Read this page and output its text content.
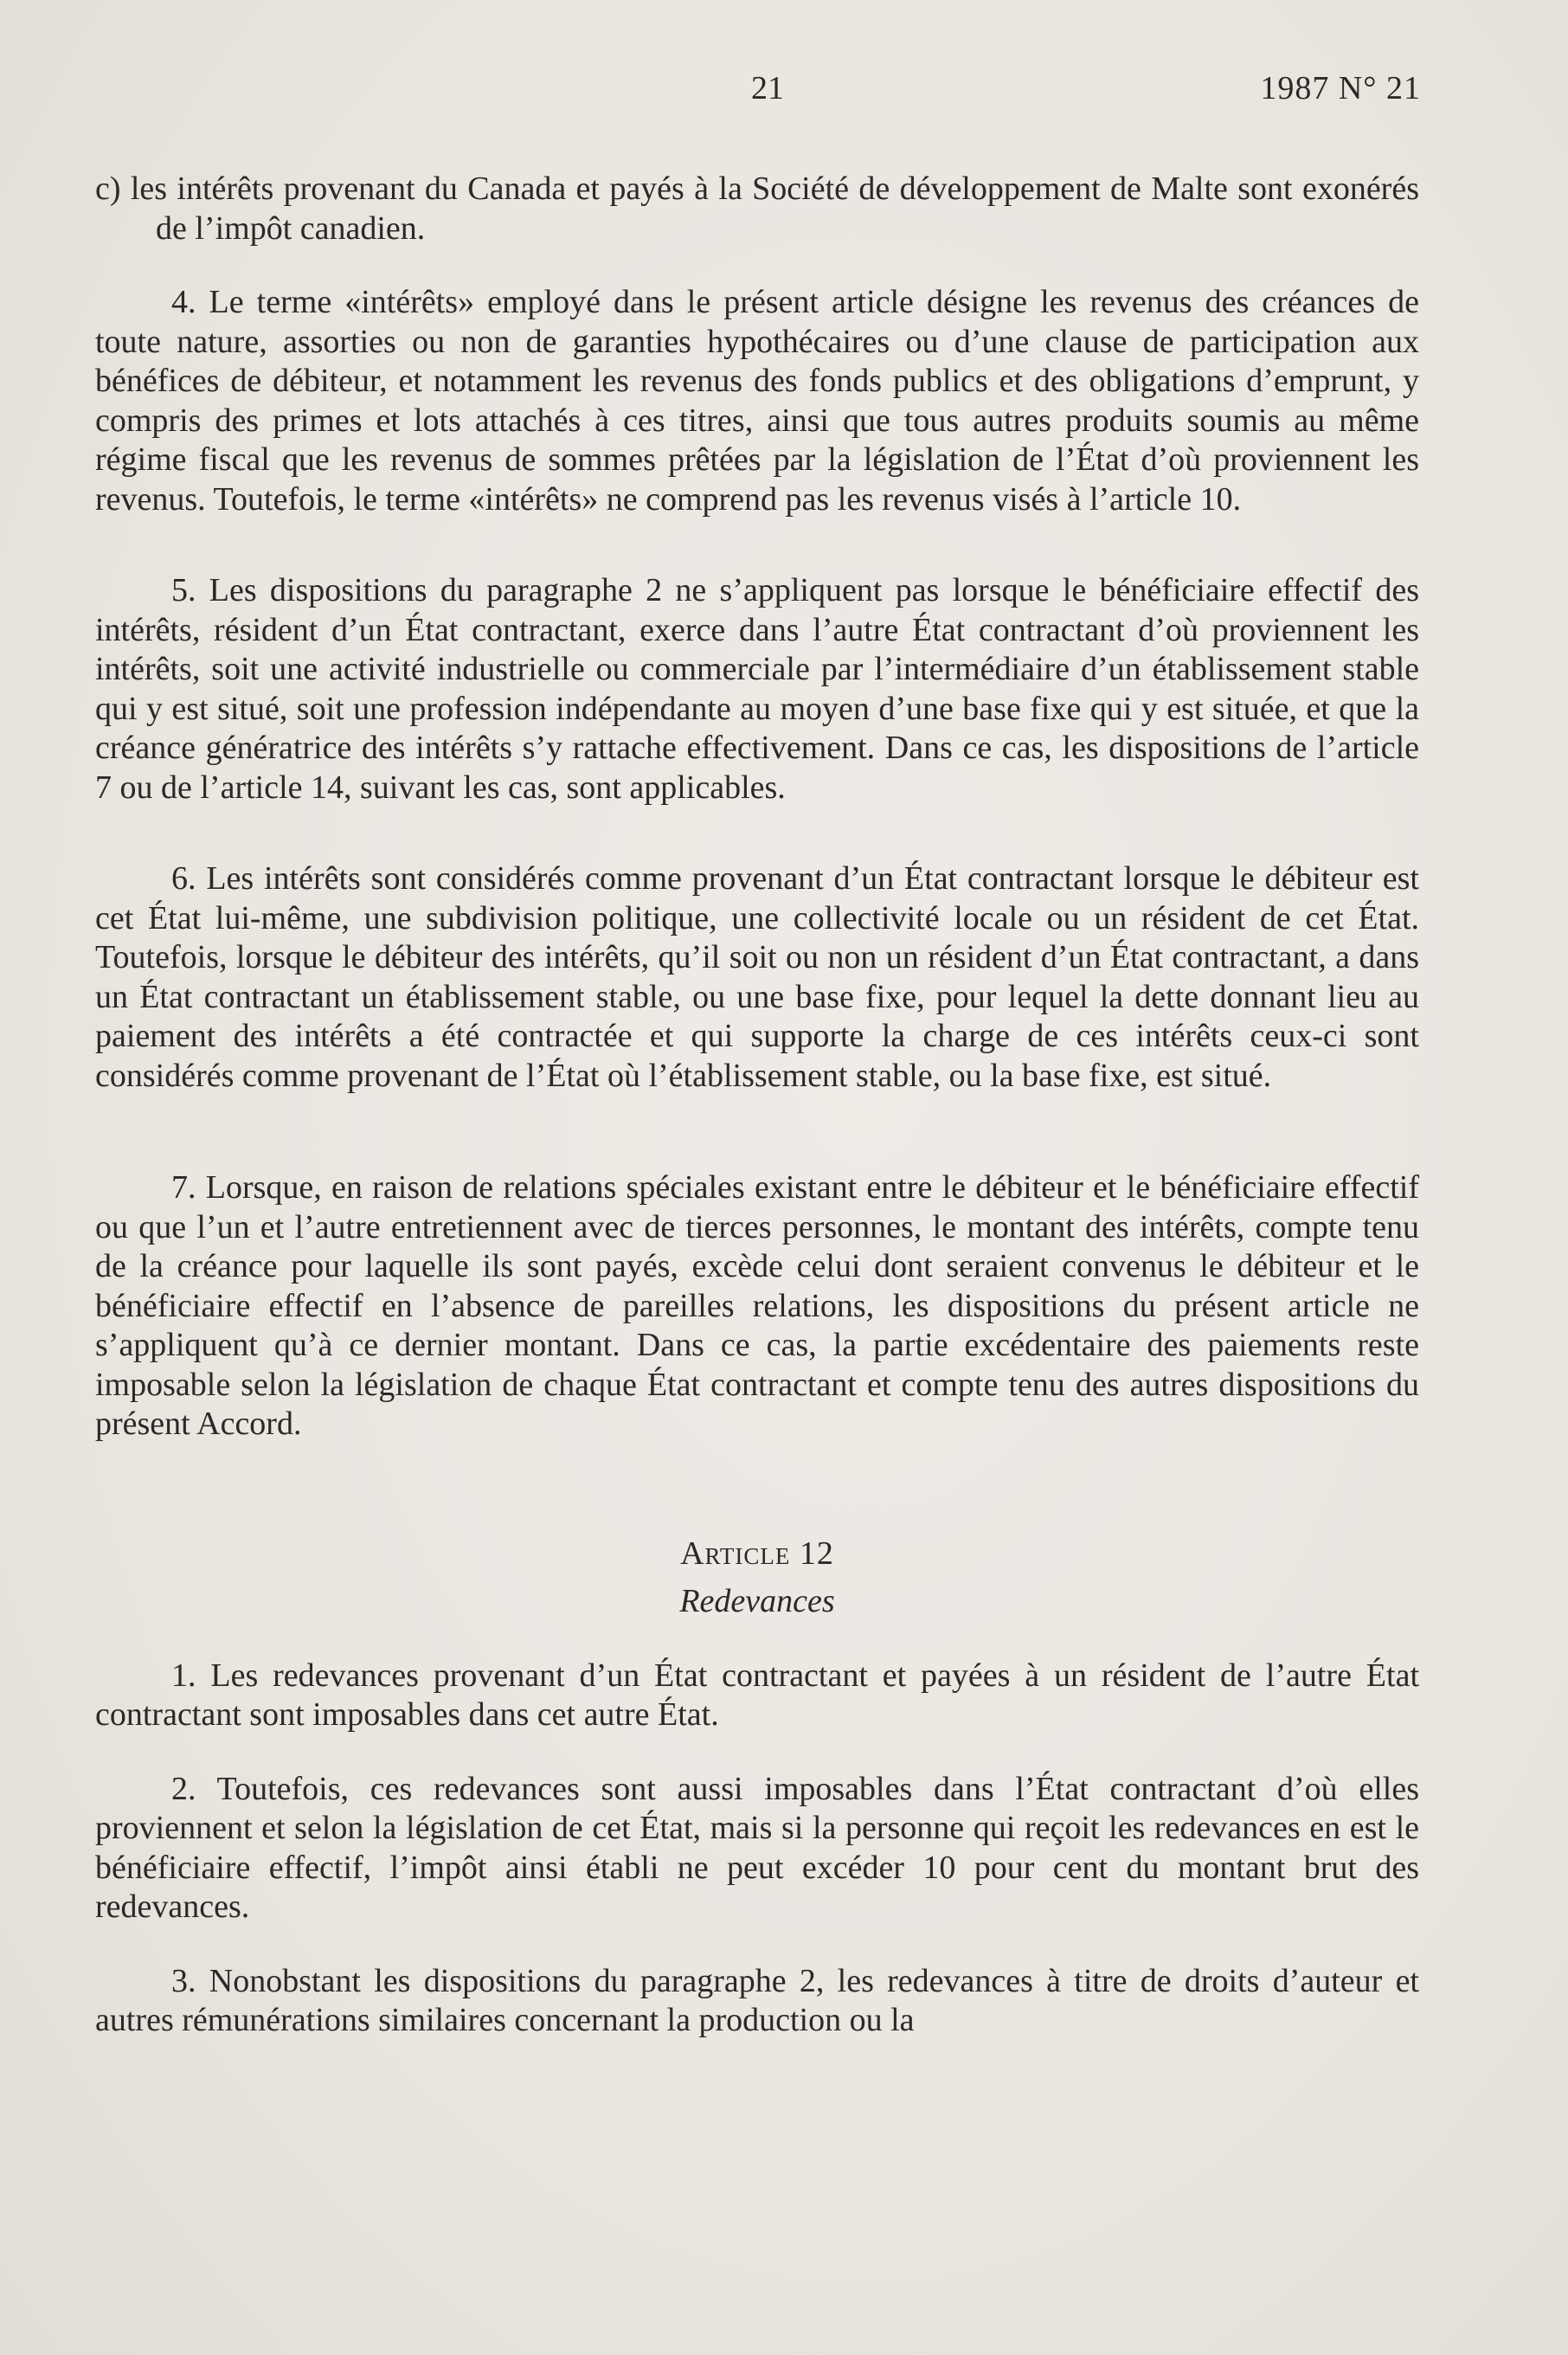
21	1987 N° 21

c) les intérêts provenant du Canada et payés à la Société de développement de Malte sont exonérés de l’impôt canadien.

4. Le terme «intérêts» employé dans le présent article désigne les revenus des créances de toute nature, assorties ou non de garanties hypothécaires ou d’une clause de participation aux bénéfices de débiteur, et notamment les revenus des fonds publics et des obligations d’emprunt, y compris des primes et lots attachés à ces titres, ainsi que tous autres produits soumis au même régime fiscal que les revenus de sommes prêtées par la législation de l’État d’où proviennent les revenus. Toutefois, le terme «intérêts» ne comprend pas les revenus visés à l’article 10.

5. Les dispositions du paragraphe 2 ne s’appliquent pas lorsque le bénéficiaire effectif des intérêts, résident d’un État contractant, exerce dans l’autre État contractant d’où proviennent les intérêts, soit une activité industrielle ou commerciale par l’intermédiaire d’un établissement stable qui y est situé, soit une profession indépendante au moyen d’une base fixe qui y est située, et que la créance génératrice des intérêts s’y rattache effectivement. Dans ce cas, les dispositions de l’article 7 ou de l’article 14, suivant les cas, sont applicables.

6. Les intérêts sont considérés comme provenant d’un État contractant lorsque le débiteur est cet État lui-même, une subdivision politique, une collectivité locale ou un résident de cet État. Toutefois, lorsque le débiteur des intérêts, qu’il soit ou non un résident d’un État contractant, a dans un État contractant un établissement stable, ou une base fixe, pour lequel la dette donnant lieu au paiement des intérêts a été contractée et qui supporte la charge de ces intérêts ceux-ci sont considérés comme provenant de l’État où l’établissement stable, ou la base fixe, est situé.

7. Lorsque, en raison de relations spéciales existant entre le débiteur et le bénéficiaire effectif ou que l’un et l’autre entretiennent avec de tierces personnes, le montant des intérêts, compte tenu de la créance pour laquelle ils sont payés, excède celui dont seraient convenus le débiteur et le bénéficiaire effectif en l’absence de pareilles relations, les dispositions du présent article ne s’appliquent qu’à ce dernier montant. Dans ce cas, la partie excédentaire des paiements reste imposable selon la législation de chaque État contractant et compte tenu des autres dispositions du présent Accord.

Article 12

Redevances

1. Les redevances provenant d’un État contractant et payées à un résident de l’autre État contractant sont imposables dans cet autre État.

2. Toutefois, ces redevances sont aussi imposables dans l’État contractant d’où elles proviennent et selon la législation de cet État, mais si la personne qui reçoit les redevances en est le bénéficiaire effectif, l’impôt ainsi établi ne peut excéder 10 pour cent du montant brut des redevances.

3. Nonobstant les dispositions du paragraphe 2, les redevances à titre de droits d’auteur et autres rémunérations similaires concernant la production ou la
